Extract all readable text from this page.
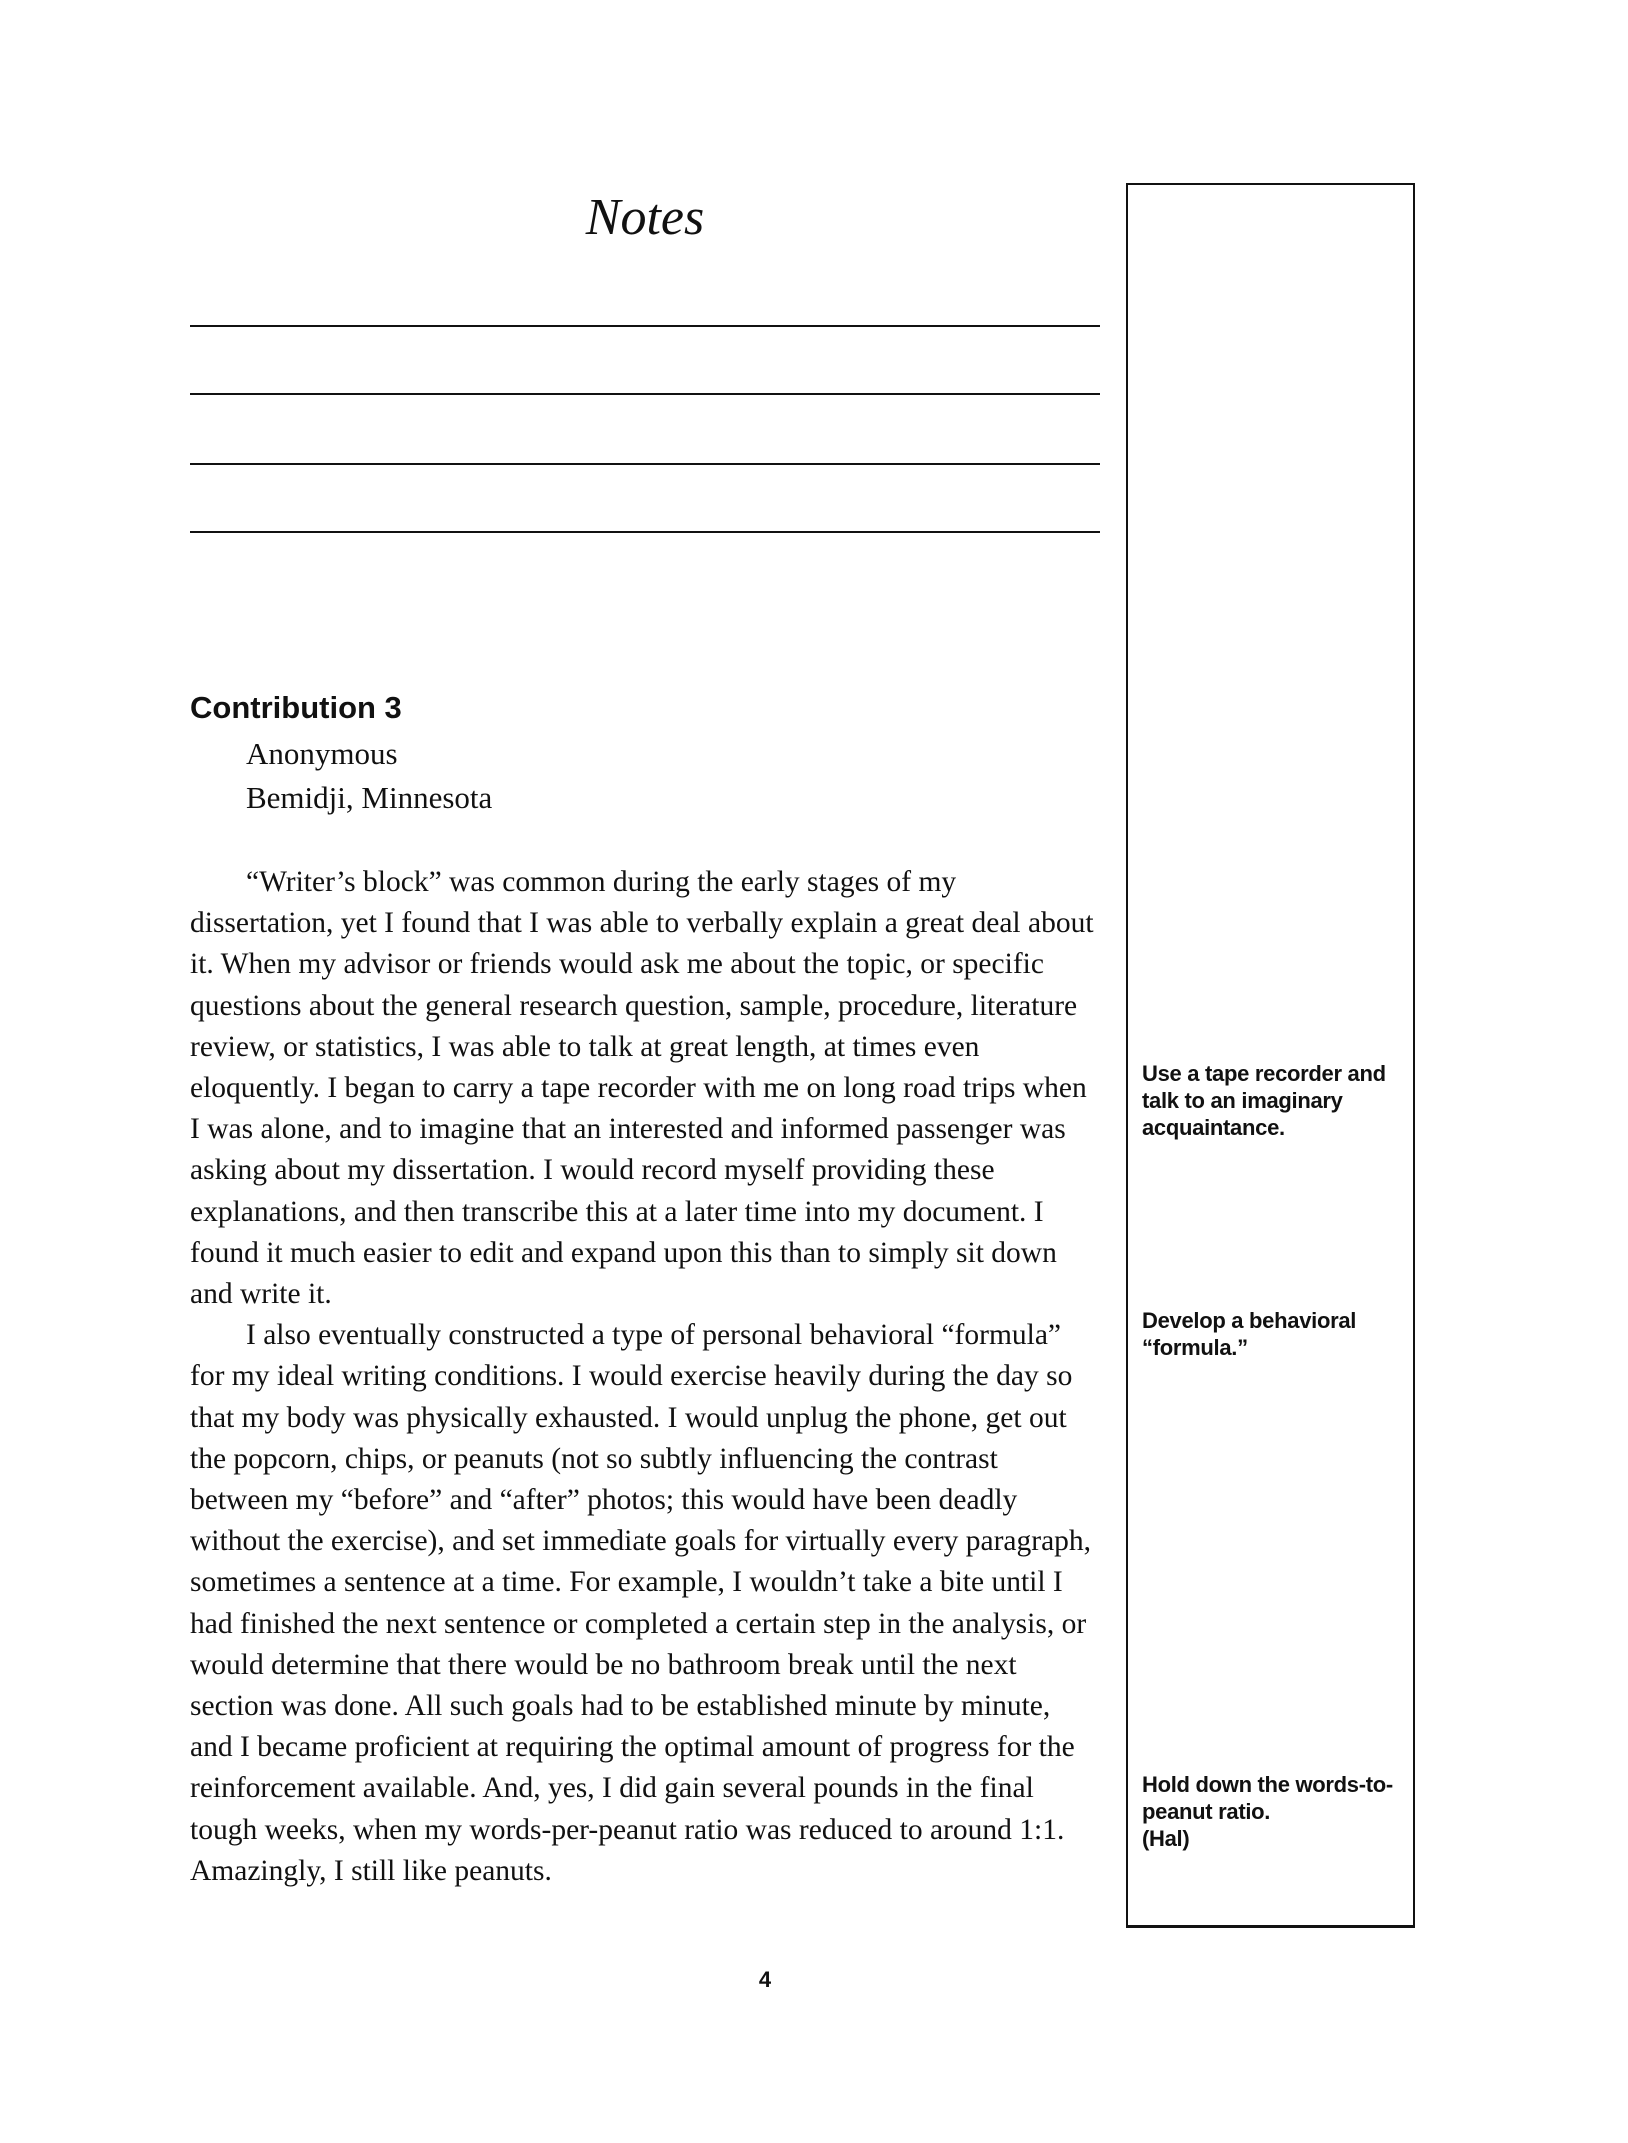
Notes
Contribution 3
Anonymous
Bemidji, Minnesota

“Writer’s block” was common during the early stages of my dissertation, yet I found that I was able to verbally explain a great deal about it. When my advisor or friends would ask me about the topic, or specific questions about the general research question, sample, procedure, literature review, or statistics, I was able to talk at great length, at times even eloquently. I began to carry a tape recorder with me on long road trips when I was alone, and to imagine that an interested and informed passenger was asking about my dissertation. I would record myself providing these explanations, and then transcribe this at a later time into my document. I found it much easier to edit and expand upon this than to simply sit down and write it.

I also eventually constructed a type of personal behavioral “formula” for my ideal writing conditions. I would exercise heavily during the day so that my body was physically exhausted. I would unplug the phone, get out the popcorn, chips, or peanuts (not so subtly influencing the contrast between my “before” and “after” photos; this would have been deadly without the exercise), and set immediate goals for virtually every paragraph, sometimes a sentence at a time. For example, I wouldn’t take a bite until I had finished the next sentence or completed a certain step in the analysis, or would determine that there would be no bathroom break until the next section was done. All such goals had to be established minute by minute, and I became proficient at requiring the optimal amount of progress for the reinforcement available. And, yes, I did gain several pounds in the final tough weeks, when my words-per-peanut ratio was reduced to around 1:1. Amazingly, I still like peanuts.

Use a tape recorder and talk to an imaginary acquaintance.
Develop a behavioral “formula.”
Hold down the words-to-peanut ratio.
(Hal)
4
